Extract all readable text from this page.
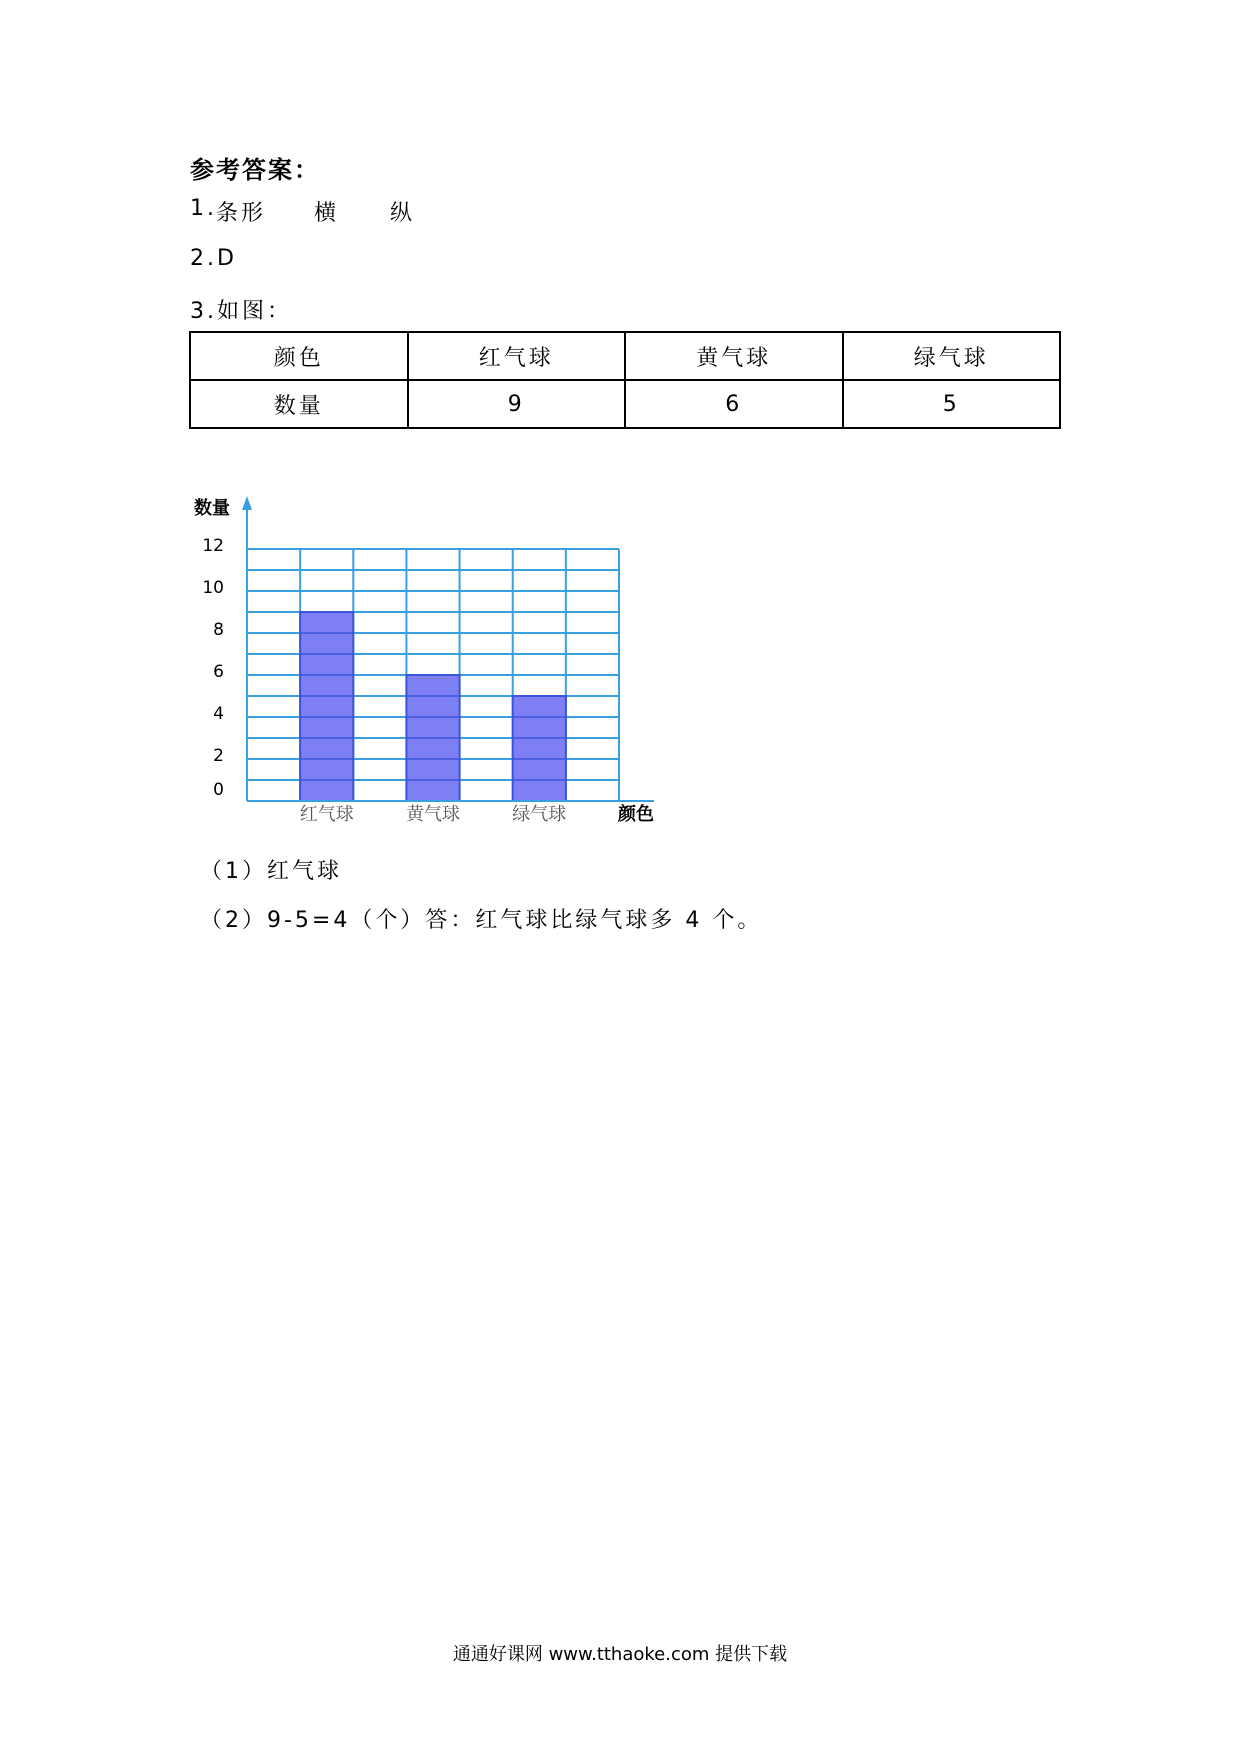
参考答案：
1. 条形 横 纵
2.D
3.如图：
颜色	红气球	黄气球	绿气球
数量	9	6	5
数量
颜色
0
2
4
6
8
10
12
红气球	黄气球	绿气球
（1）红气球
（2）9-5=4（个）答：红气球比绿气球多 4 个。
通通好课网 www.tthaoke.com 提供下载
